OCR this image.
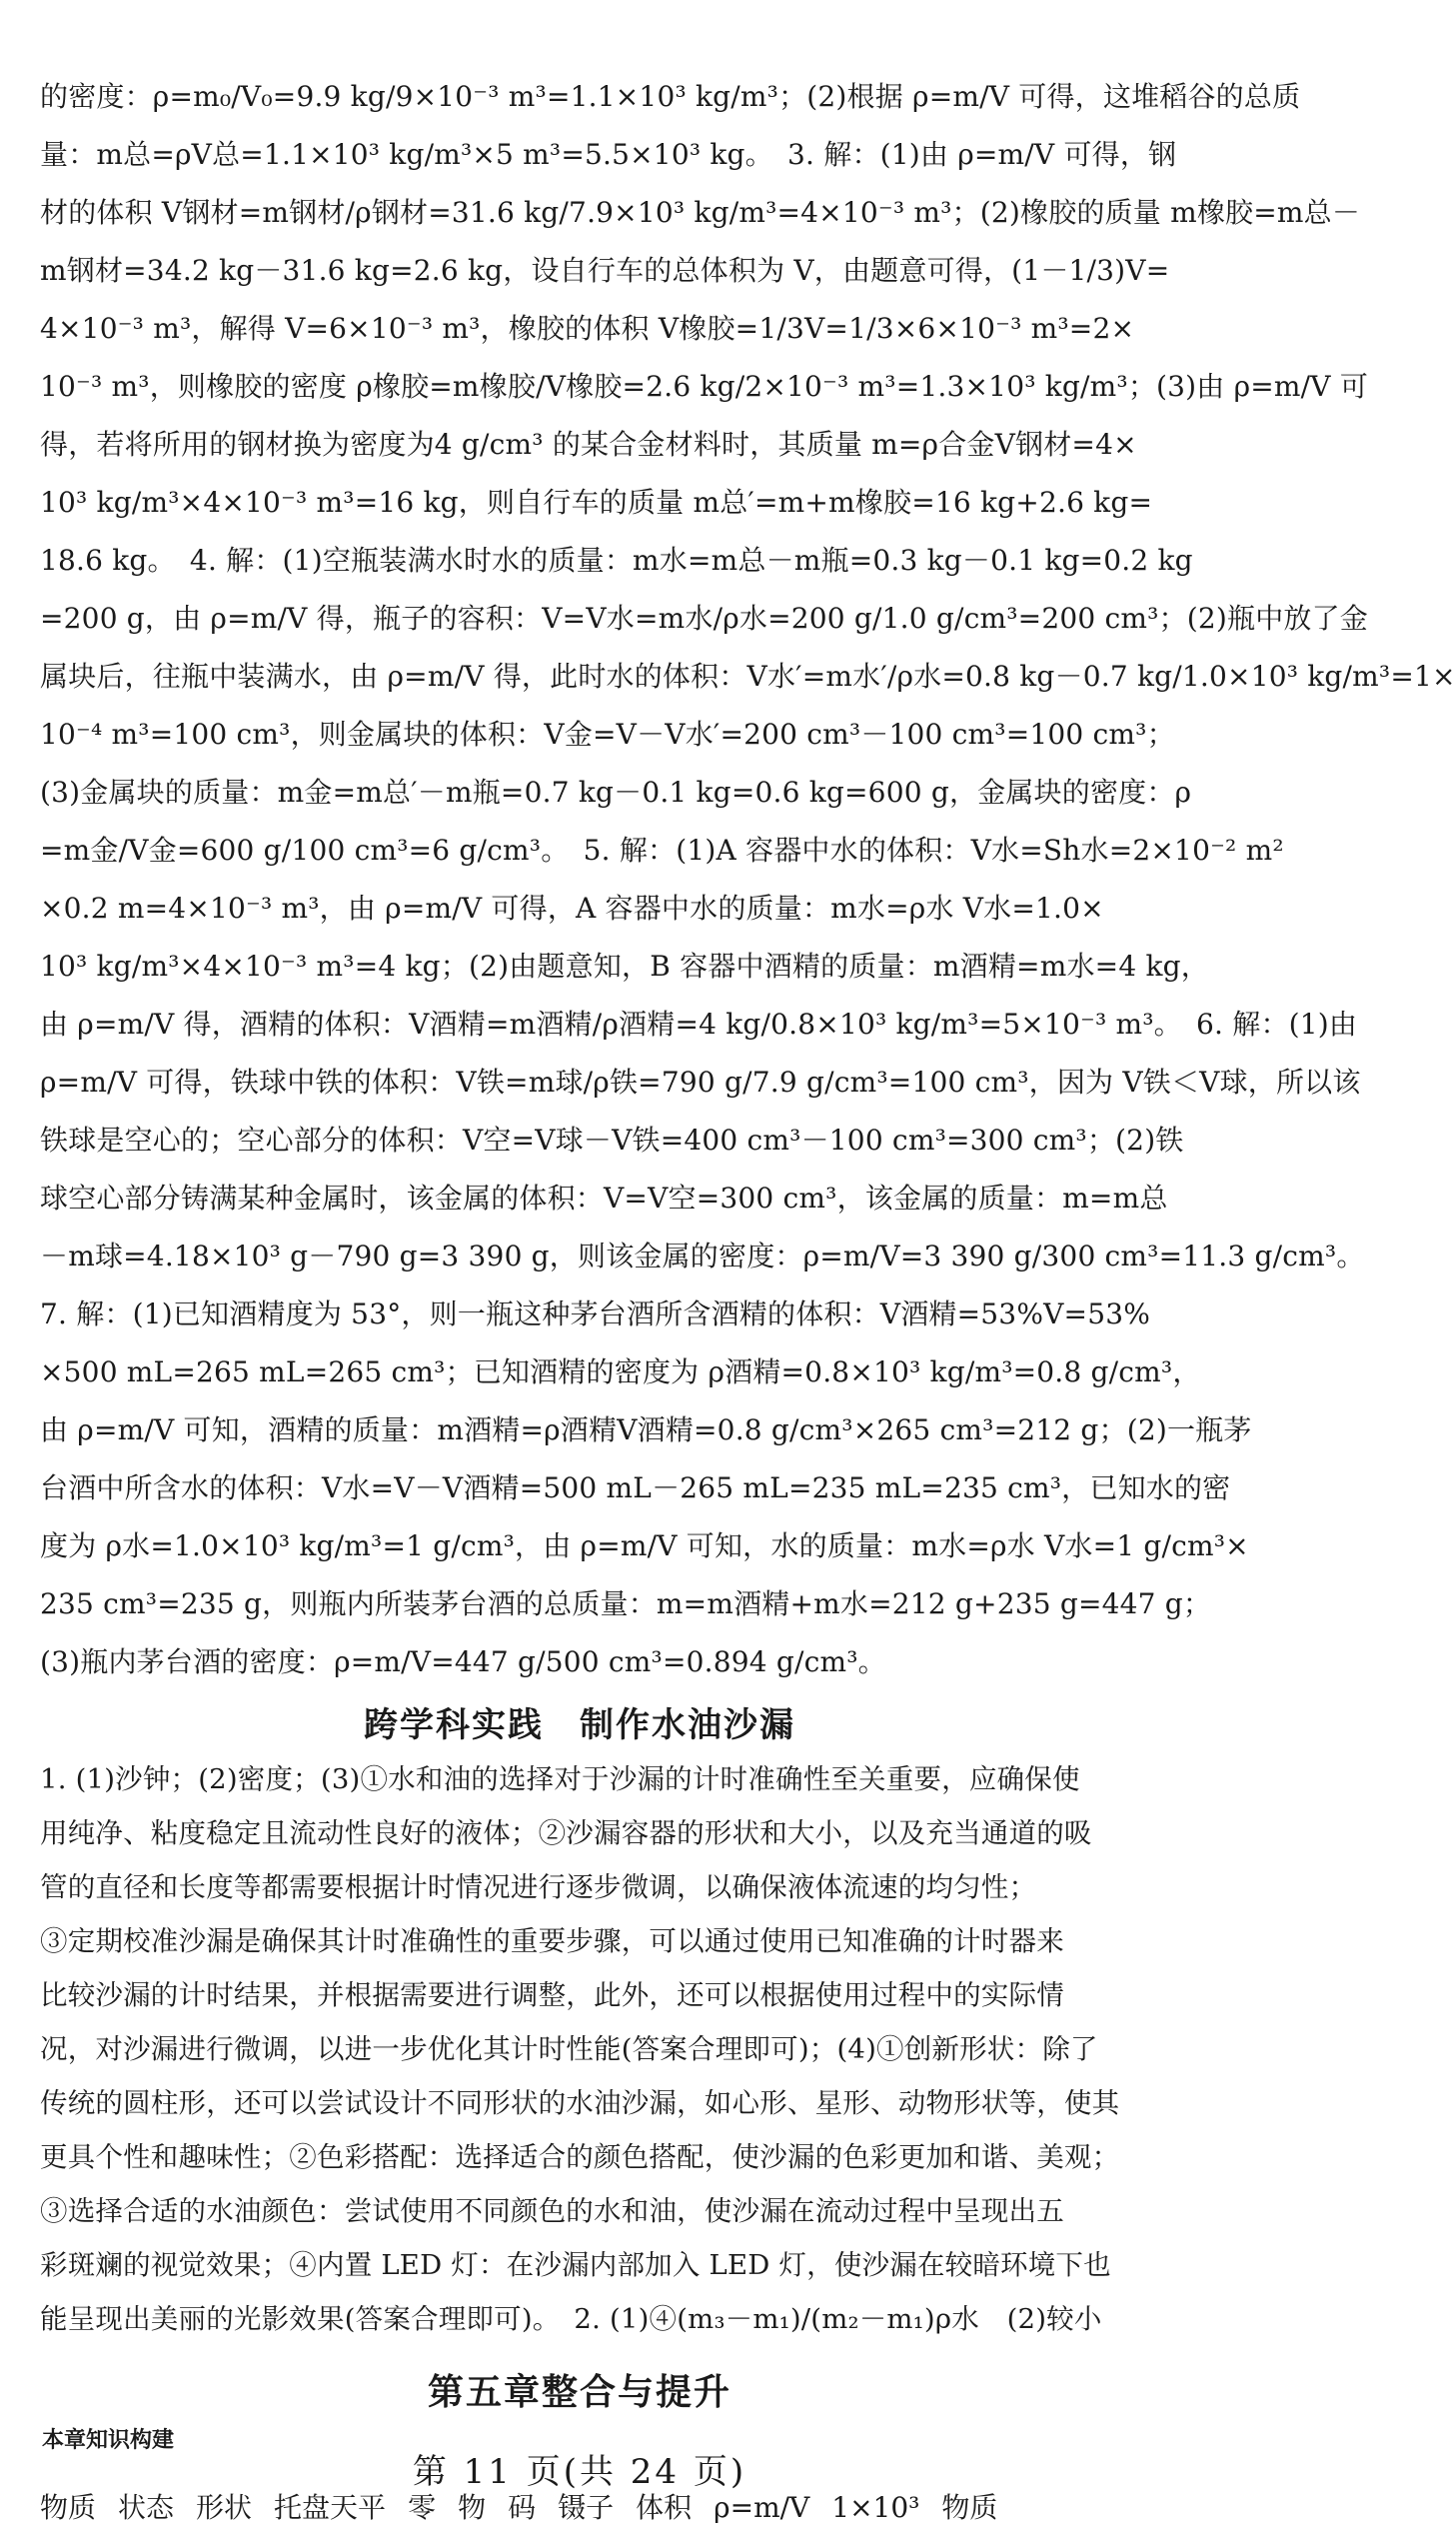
的密度：ρ=m₀/V₀=9.9 kg/9×10⁻³ m³=1.1×10³ kg/m³；(2)根据 ρ=m/V 可得，这堆稻谷的总质
量：m总=ρV总=1.1×10³ kg/m³×5 m³=5.5×10³ kg。　3. 解：(1)由 ρ=m/V 可得，钢
材的体积 V钢材=m钢材/ρ钢材=31.6 kg/7.9×10³ kg/m³=4×10⁻³ m³；(2)橡胶的质量 m橡胶=m总－
m钢材=34.2 kg－31.6 kg=2.6 kg，设自行车的总体积为 V，由题意可得，(1－1/3)V=
4×10⁻³ m³，解得 V=6×10⁻³ m³，橡胶的体积 V橡胶=1/3V=1/3×6×10⁻³ m³=2×
10⁻³ m³，则橡胶的密度 ρ橡胶=m橡胶/V橡胶=2.6 kg/2×10⁻³ m³=1.3×10³ kg/m³；(3)由 ρ=m/V 可
得，若将所用的钢材换为密度为4 g/cm³ 的某合金材料时，其质量 m=ρ合金V钢材=4×
10³ kg/m³×4×10⁻³ m³=16 kg，则自行车的质量 m总′=m+m橡胶=16 kg+2.6 kg=
18.6 kg。　4. 解：(1)空瓶装满水时水的质量：m水=m总－m瓶=0.3 kg－0.1 kg=0.2 kg
=200 g，由 ρ=m/V 得，瓶子的容积：V=V水=m水/ρ水=200 g/1.0 g/cm³=200 cm³；(2)瓶中放了金
属块后，往瓶中装满水，由 ρ=m/V 得，此时水的体积：V水′=m水′/ρ水=0.8 kg－0.7 kg/1.0×10³ kg/m³=1×
10⁻⁴ m³=100 cm³，则金属块的体积：V金=V－V水′=200 cm³－100 cm³=100 cm³；
(3)金属块的质量：m金=m总′－m瓶=0.7 kg－0.1 kg=0.6 kg=600 g，金属块的密度：ρ
=m金/V金=600 g/100 cm³=6 g/cm³。　5. 解：(1)A 容器中水的体积：V水=Sh水=2×10⁻² m²
×0.2 m=4×10⁻³ m³，由 ρ=m/V 可得，A 容器中水的质量：m水=ρ水 V水=1.0×
10³ kg/m³×4×10⁻³ m³=4 kg；(2)由题意知，B 容器中酒精的质量：m酒精=m水=4 kg，
由 ρ=m/V 得，酒精的体积：V酒精=m酒精/ρ酒精=4 kg/0.8×10³ kg/m³=5×10⁻³ m³。　6. 解：(1)由
ρ=m/V 可得，铁球中铁的体积：V铁=m球/ρ铁=790 g/7.9 g/cm³=100 cm³，因为 V铁＜V球，所以该
铁球是空心的；空心部分的体积：V空=V球－V铁=400 cm³－100 cm³=300 cm³；(2)铁
球空心部分铸满某种金属时，该金属的体积：V=V空=300 cm³，该金属的质量：m=m总
－m球=4.18×10³ g－790 g=3 390 g，则该金属的密度：ρ=m/V=3 390 g/300 cm³=11.3 g/cm³。
7. 解：(1)已知酒精度为 53°，则一瓶这种茅台酒所含酒精的体积：V酒精=53%V=53%
×500 mL=265 mL=265 cm³；已知酒精的密度为 ρ酒精=0.8×10³ kg/m³=0.8 g/cm³，
由 ρ=m/V 可知，酒精的质量：m酒精=ρ酒精V酒精=0.8 g/cm³×265 cm³=212 g；(2)一瓶茅
台酒中所含水的体积：V水=V－V酒精=500 mL－265 mL=235 mL=235 cm³，已知水的密
度为 ρ水=1.0×10³ kg/m³=1 g/cm³，由 ρ=m/V 可知，水的质量：m水=ρ水 V水=1 g/cm³×
235 cm³=235 g，则瓶内所装茅台酒的总质量：m=m酒精+m水=212 g+235 g=447 g；
(3)瓶内茅台酒的密度：ρ=m/V=447 g/500 cm³=0.894 g/cm³。
跨学科实践　制作水油沙漏
1. (1)沙钟；(2)密度；(3)①水和油的选择对于沙漏的计时准确性至关重要，应确保使
用纯净、粘度稳定且流动性良好的液体；②沙漏容器的形状和大小，以及充当通道的吸
管的直径和长度等都需要根据计时情况进行逐步微调，以确保液体流速的均匀性；
③定期校准沙漏是确保其计时准确性的重要步骤，可以通过使用已知准确的计时器来
比较沙漏的计时结果，并根据需要进行调整，此外，还可以根据使用过程中的实际情
况，对沙漏进行微调，以进一步优化其计时性能(答案合理即可)；(4)①创新形状：除了
传统的圆柱形，还可以尝试设计不同形状的水油沙漏，如心形、星形、动物形状等，使其
更具个性和趣味性；②色彩搭配：选择适合的颜色搭配，使沙漏的色彩更加和谐、美观；
③选择合适的水油颜色：尝试使用不同颜色的水和油，使沙漏在流动过程中呈现出五
彩斑斓的视觉效果；④内置 LED 灯：在沙漏内部加入 LED 灯，使沙漏在较暗环境下也
能呈现出美丽的光影效果(答案合理即可)。　2. (1)④(m₃－m₁)/(m₂－m₁)ρ水　(2)较小
第五章整合与提升
本章知识构建
物质 状态 形状 托盘天平 零 物 码 镊子 体积 ρ=m/V 1×10³ 物质
第 11 页(共 24 页)
